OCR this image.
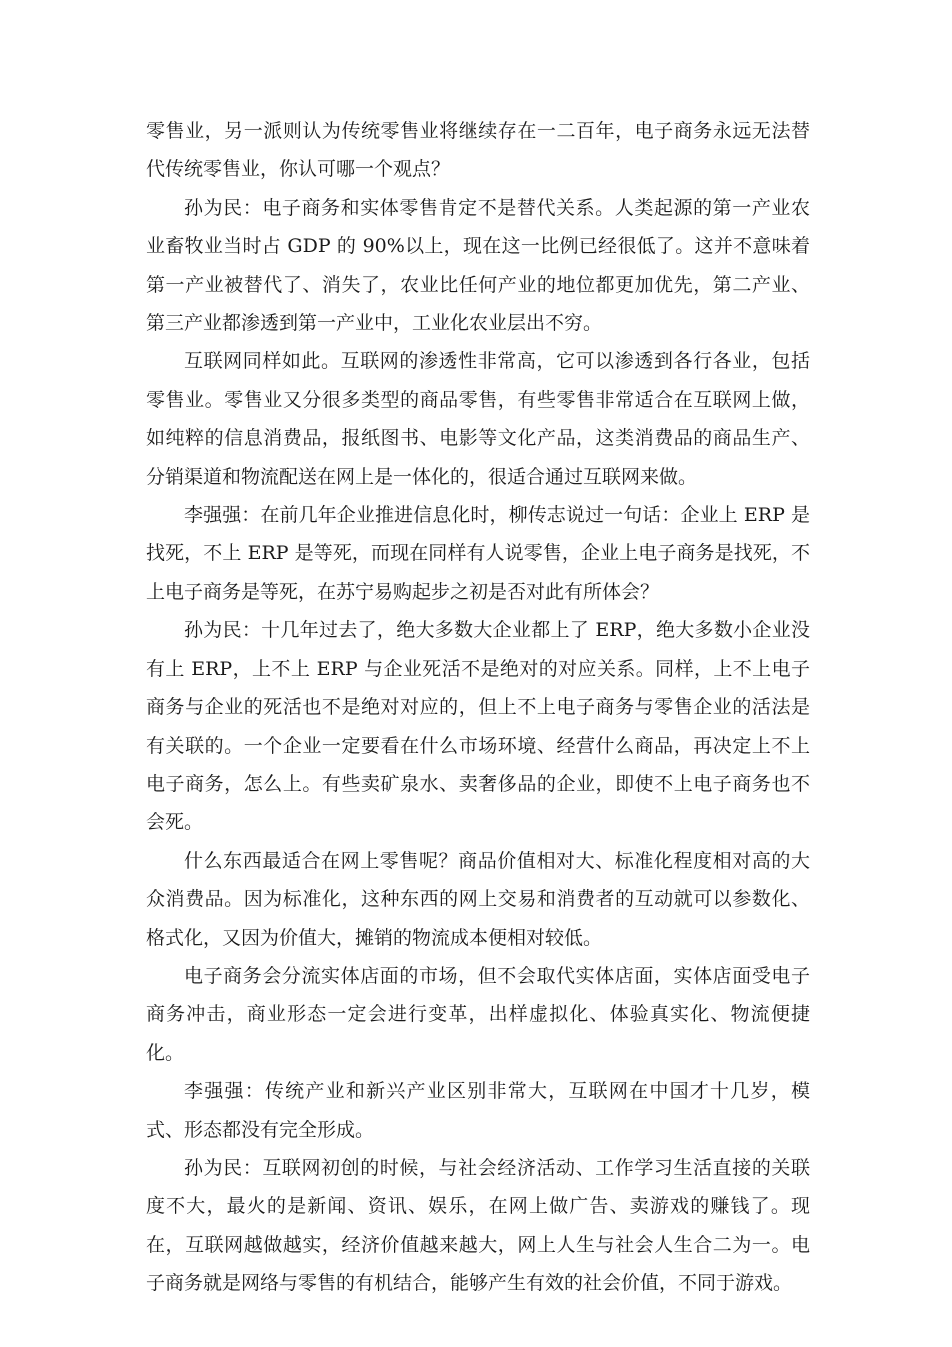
零售业，另一派则认为传统零售业将继续存在一二百年，电子商务永远无法替代传统零售业，你认可哪一个观点？

孙为民：电子商务和实体零售肯定不是替代关系。人类起源的第一产业农业畜牧业当时占 GDP 的 90%以上，现在这一比例已经很低了。这并不意味着第一产业被替代了、消失了，农业比任何产业的地位都更加优先，第二产业、第三产业都渗透到第一产业中，工业化农业层出不穷。

互联网同样如此。互联网的渗透性非常高，它可以渗透到各行各业，包括零售业。零售业又分很多类型的商品零售，有些零售非常适合在互联网上做，如纯粹的信息消费品，报纸图书、电影等文化产品，这类消费品的商品生产、分销渠道和物流配送在网上是一体化的，很适合通过互联网来做。

李强强：在前几年企业推进信息化时，柳传志说过一句话：企业上 ERP 是找死，不上 ERP 是等死，而现在同样有人说零售，企业上电子商务是找死，不上电子商务是等死，在苏宁易购起步之初是否对此有所体会？

孙为民：十几年过去了，绝大多数大企业都上了 ERP，绝大多数小企业没有上 ERP，上不上 ERP 与企业死活不是绝对的对应关系。同样，上不上电子商务与企业的死活也不是绝对对应的，但上不上电子商务与零售企业的活法是有关联的。一个企业一定要看在什么市场环境、经营什么商品，再决定上不上电子商务，怎么上。有些卖矿泉水、卖奢侈品的企业，即使不上电子商务也不会死。

什么东西最适合在网上零售呢？商品价值相对大、标准化程度相对高的大众消费品。因为标准化，这种东西的网上交易和消费者的互动就可以参数化、格式化，又因为价值大，摊销的物流成本便相对较低。

电子商务会分流实体店面的市场，但不会取代实体店面，实体店面受电子商务冲击，商业形态一定会进行变革，出样虚拟化、体验真实化、物流便捷化。

李强强：传统产业和新兴产业区别非常大，互联网在中国才十几岁，模式、形态都没有完全形成。

孙为民：互联网初创的时候，与社会经济活动、工作学习生活直接的关联度不大，最火的是新闻、资讯、娱乐，在网上做广告、卖游戏的赚钱了。现在，互联网越做越实，经济价值越来越大，网上人生与社会人生合二为一。电子商务就是网络与零售的有机结合，能够产生有效的社会价值，不同于游戏。
